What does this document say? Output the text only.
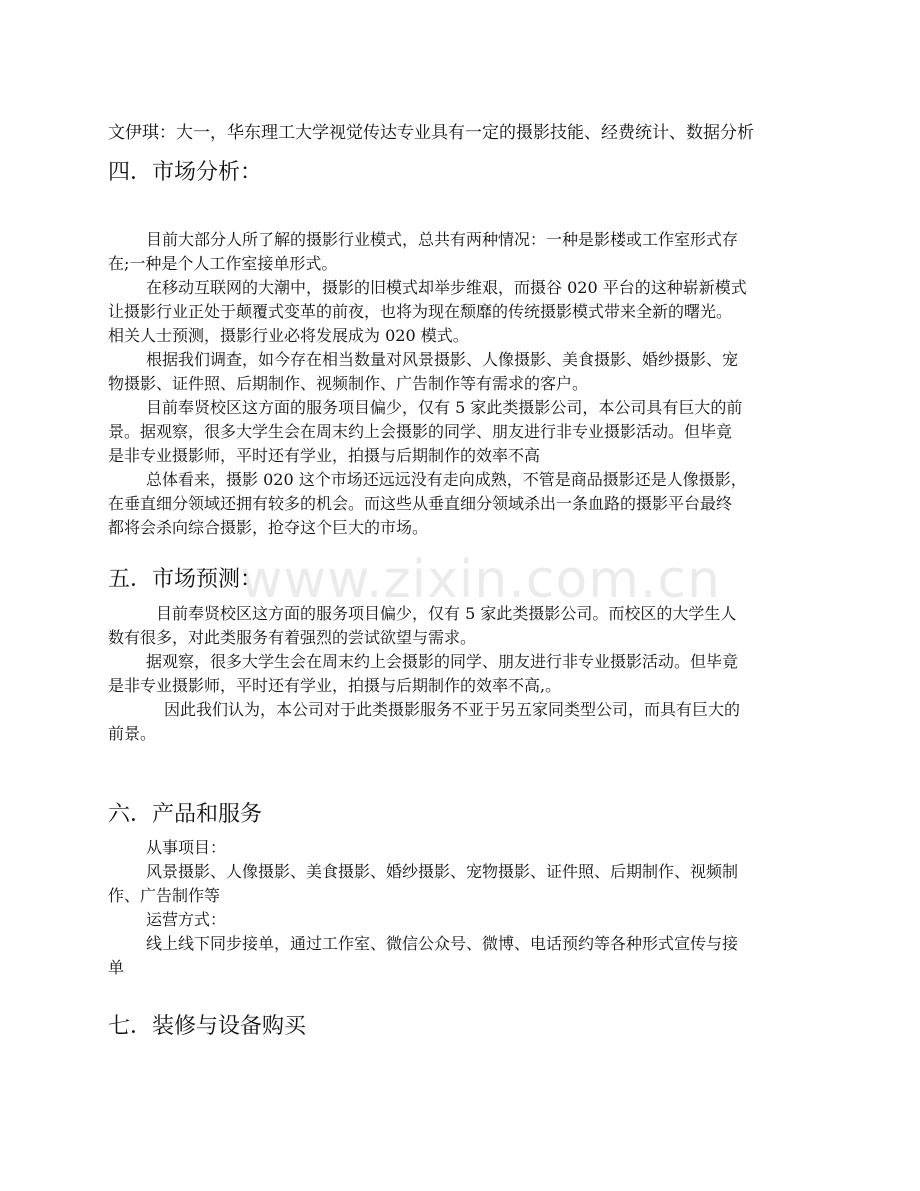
文伊琪：大一，华东理工大学视觉传达专业具有一定的摄影技能、经费统计、数据分析
四．市场分析：
目前大部分人所了解的摄影行业模式，总共有两种情况：一种是影楼或工作室形式存
在;一种是个人工作室接单形式。
在移动互联网的大潮中，摄影的旧模式却举步维艰，而摄谷 020 平台的这种崭新模式
让摄影行业正处于颠覆式变革的前夜，也将为现在颓靡的传统摄影模式带来全新的曙光。
相关人士预测，摄影行业必将发展成为 020 模式。
根据我们调查，如今存在相当数量对风景摄影、人像摄影、美食摄影、婚纱摄影、宠
物摄影、证件照、后期制作、视频制作、广告制作等有需求的客户。
目前奉贤校区这方面的服务项目偏少，仅有 5 家此类摄影公司，本公司具有巨大的前
景。据观察，很多大学生会在周末约上会摄影的同学、朋友进行非专业摄影活动。但毕竟
是非专业摄影师，平时还有学业，拍摄与后期制作的效率不高
总体看来，摄影 020 这个市场还远远没有走向成熟，不管是商品摄影还是人像摄影，
在垂直细分领域还拥有较多的机会。而这些从垂直细分领域杀出一条血路的摄影平台最终
都将会杀向综合摄影，抢夺这个巨大的市场。
五．市场预测：
目前奉贤校区这方面的服务项目偏少，仅有 5 家此类摄影公司。而校区的大学生人
数有很多，对此类服务有着强烈的尝试欲望与需求。
据观察，很多大学生会在周末约上会摄影的同学、朋友进行非专业摄影活动。但毕竟
是非专业摄影师，平时还有学业，拍摄与后期制作的效率不高,。
因此我们认为，本公司对于此类摄影服务不亚于另五家同类型公司，而具有巨大的
前景。
六．产品和服务
从事项目：
风景摄影、人像摄影、美食摄影、婚纱摄影、宠物摄影、证件照、后期制作、视频制
作、广告制作等
运营方式：
线上线下同步接单，通过工作室、微信公众号、微博、电话预约等各种形式宣传与接
单
七．装修与设备购买
www.zixin.com.cn
